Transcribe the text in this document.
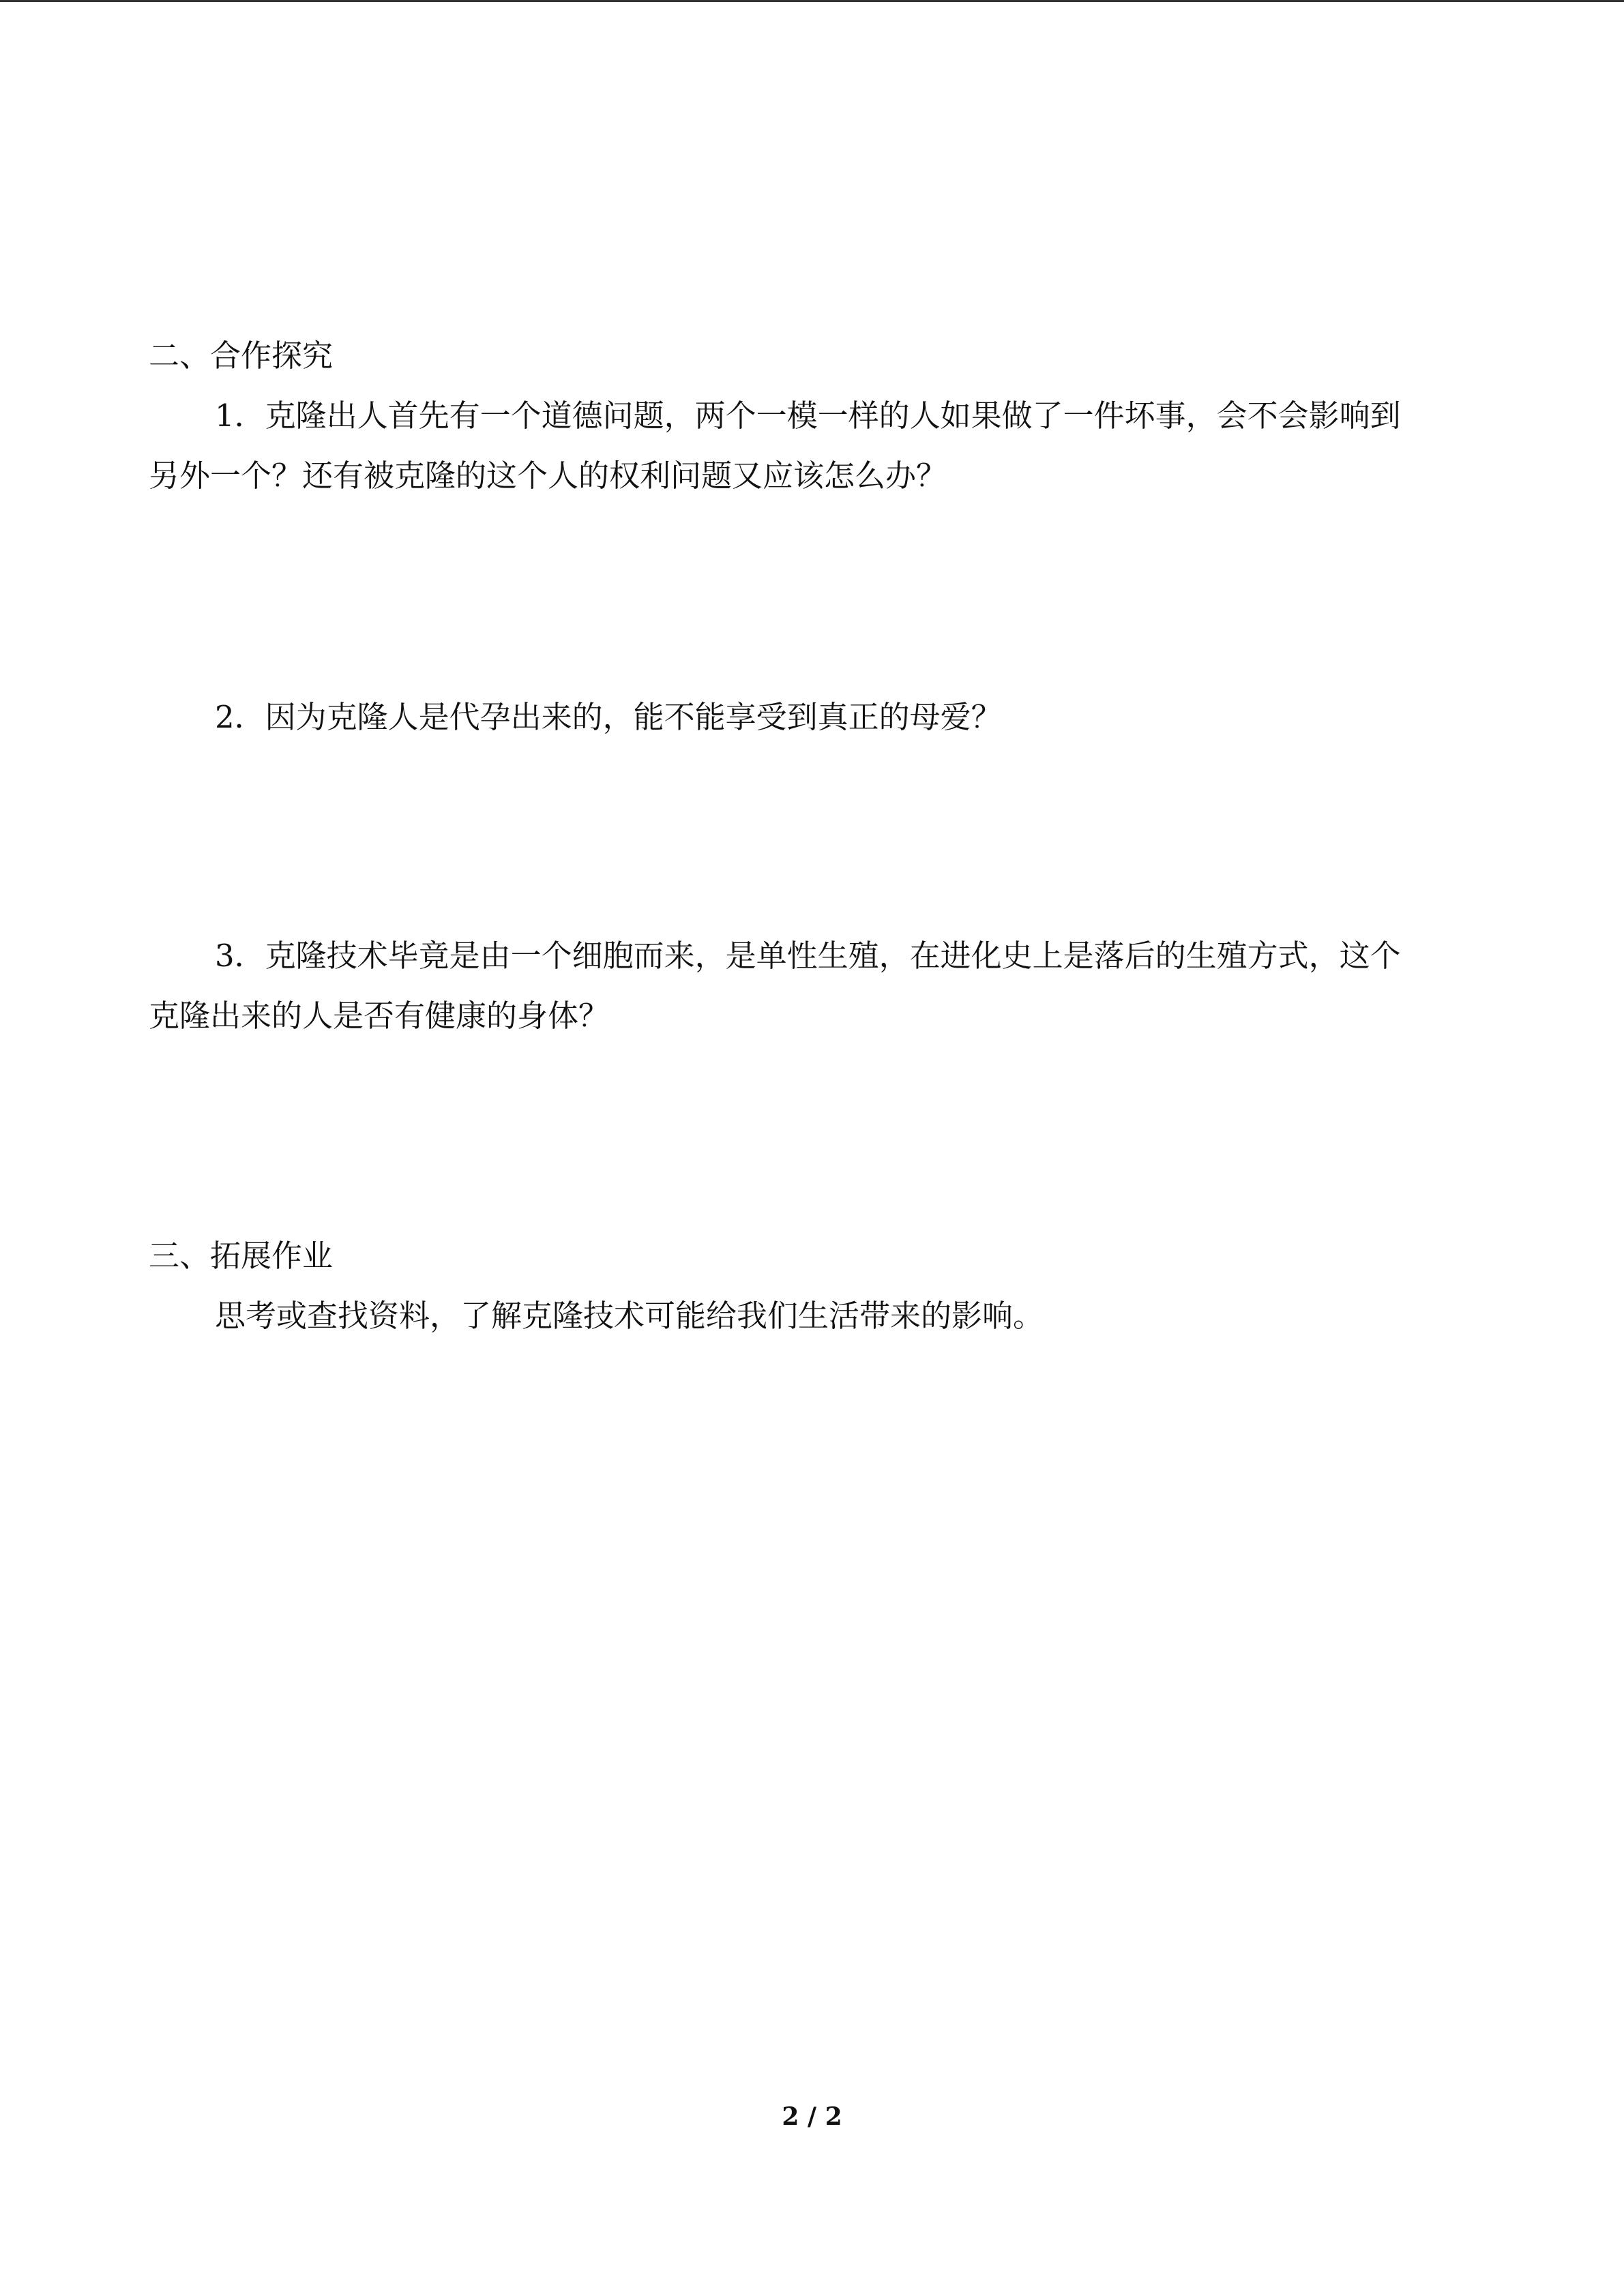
二、合作探究
1．克隆出人首先有一个道德问题，两个一模一样的人如果做了一件坏事，会不会影响到
另外一个？还有被克隆的这个人的权利问题又应该怎么办？
2．因为克隆人是代孕出来的，能不能享受到真正的母爱？
3．克隆技术毕竟是由一个细胞而来，是单性生殖，在进化史上是落后的生殖方式，这个
克隆出来的人是否有健康的身体？
三、拓展作业
思考或查找资料，了解克隆技术可能给我们生活带来的影响。
2 / 2
